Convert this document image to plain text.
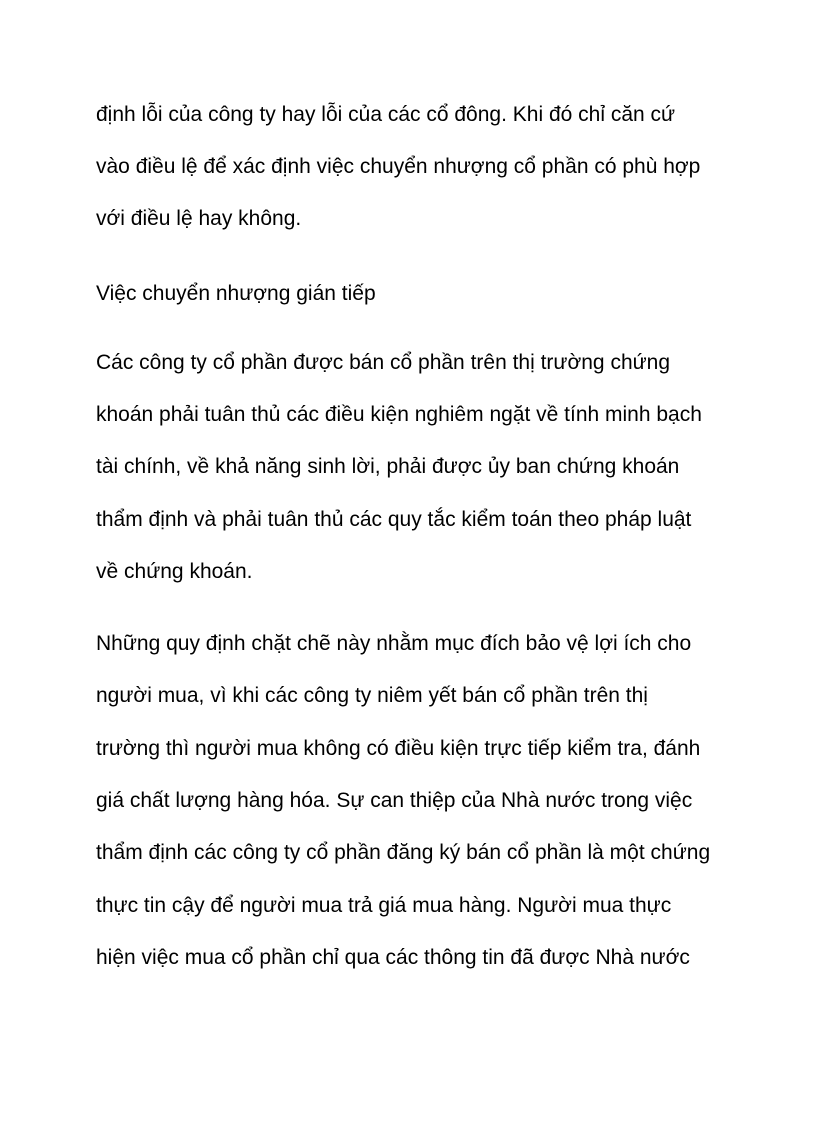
định lỗi của công ty hay lỗi của các cổ đông. Khi đó chỉ căn cứ

vào điều lệ để xác định việc chuyển nhượng cổ phần có phù hợp

với điều lệ hay không.

Việc chuyển nhượng gián tiếp

Các công ty cổ phần được bán cổ phần trên thị trường chứng

khoán phải tuân thủ các điều kiện nghiêm ngặt về tính minh bạch

tài chính, về khả năng sinh lời, phải được ủy ban chứng khoán

thẩm định và phải tuân thủ các quy tắc kiểm toán theo pháp luật

về chứng khoán.

Những quy định chặt chẽ này nhằm mục đích bảo vệ lợi ích cho

người mua, vì khi các công ty niêm yết bán cổ phần trên thị

trường thì người mua không có điều kiện trực tiếp kiểm tra, đánh

giá chất lượng hàng hóa. Sự can thiệp của Nhà nước trong việc

thẩm định các công ty cổ phần đăng ký bán cổ phần là một chứng

thực tin cậy để người mua trả giá mua hàng. Người mua thực

hiện việc mua cổ phần chỉ qua các thông tin đã được Nhà nước
